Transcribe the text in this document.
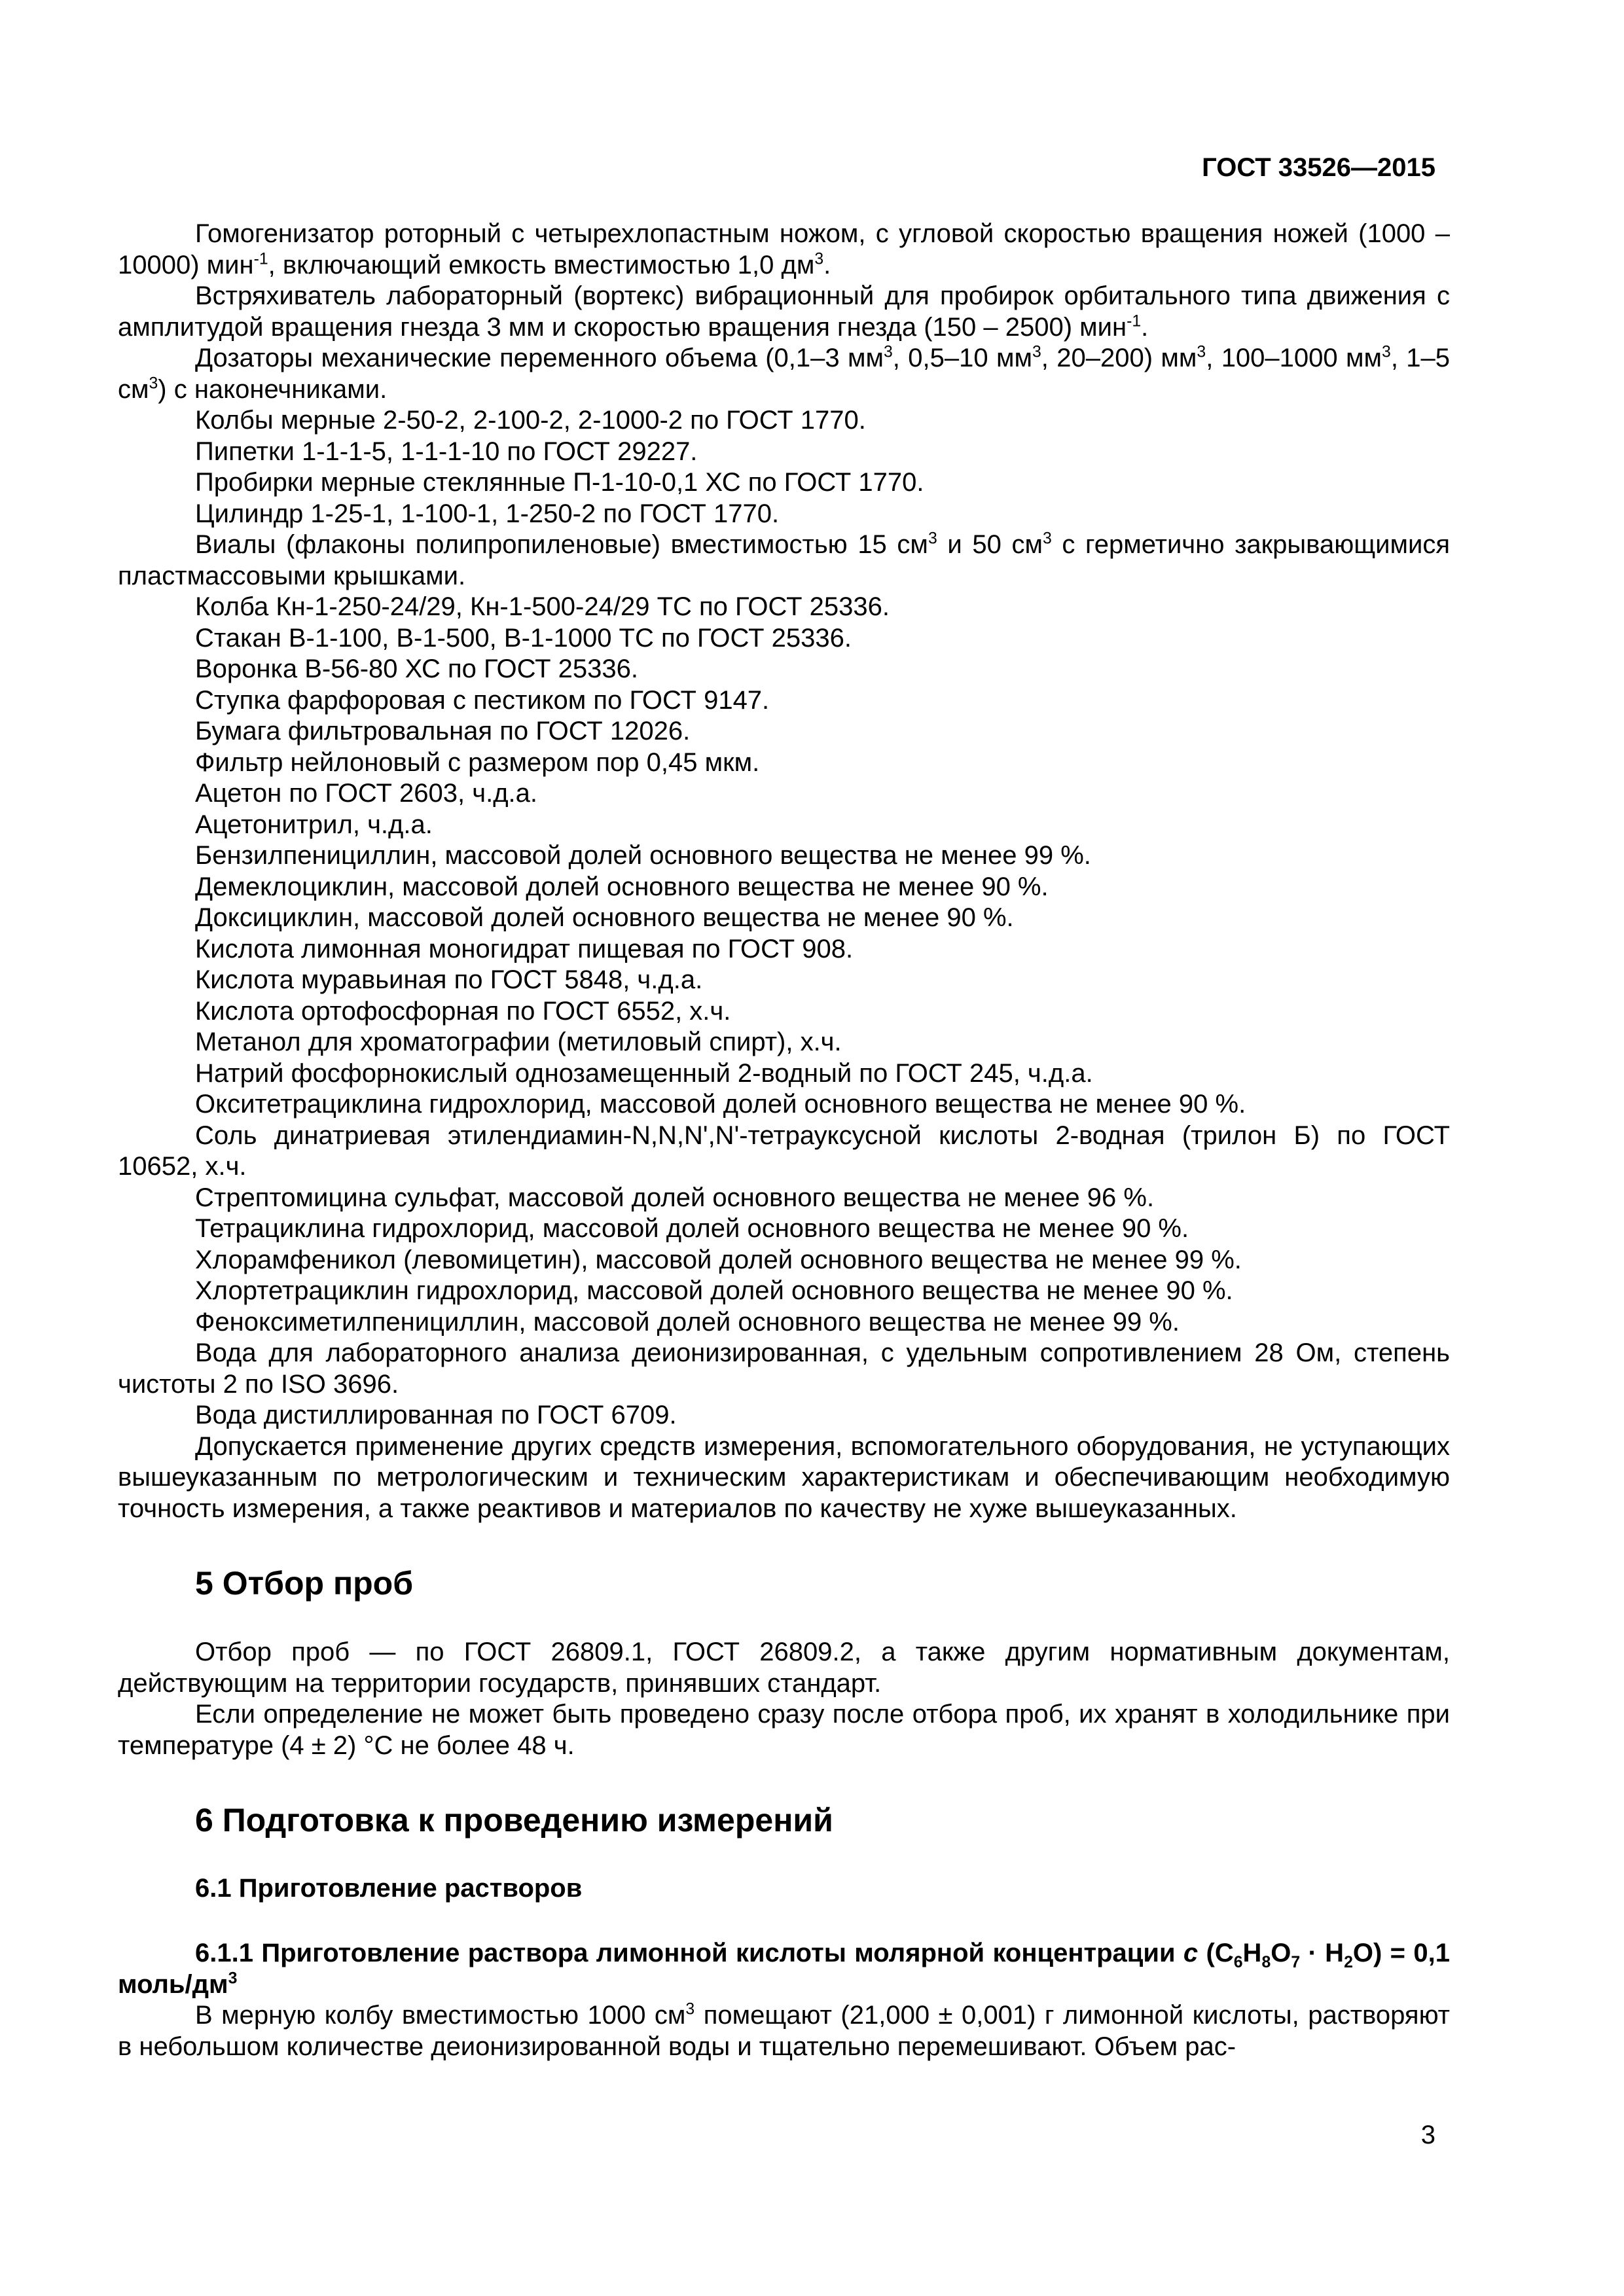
ГОСТ 33526—2015

Гомогенизатор роторный с четырехлопастным ножом, с угловой скоростью вращения ножей (1000 – 10000) мин$^{-1}$, включающий емкость вместимостью 1,0 $дм^3$.

Встряхиватель лабораторный (вортекс) вибрационный для пробирок орбитального типа движения с амплитудой вращения гнезда 3 мм и скоростью вращения гнезда (150 – 2500) мин$^{-1}$.

Дозаторы механические переменного объема (0,1–3 $мм^3$, 0,5–10 $мм^3$, 20–200) $мм^3$, 100–1000 $мм^3$, 1–5 $см^3$) с наконечниками.

Колбы мерные 2-50-2, 2-100-2, 2-1000-2 по ГОСТ 1770.

Пипетки 1-1-1-5, 1-1-1-10 по ГОСТ 29227.

Пробирки мерные стеклянные П-1-10-0,1 ХС по ГОСТ 1770.

Цилиндр 1-25-1, 1-100-1, 1-250-2 по ГОСТ 1770.

Виалы (флаконы полипропиленовые) вместимостью 15 $см^3$ и 50 $см^3$ с герметично закрывающимися пластмассовыми крышками.

Колба Кн-1-250-24/29, Кн-1-500-24/29 ТС по ГОСТ 25336.

Стакан В-1-100, В-1-500, В-1-1000 ТС по ГОСТ 25336.

Воронка В-56-80 ХС по ГОСТ 25336.

Ступка фарфоровая с пестиком по ГОСТ 9147.

Бумага фильтровальная по ГОСТ 12026.

Фильтр нейлоновый с размером пор 0,45 мкм.

Ацетон по ГОСТ 2603, ч.д.а.

Ацетонитрил, ч.д.а.

Бензилпенициллин, массовой долей основного вещества не менее 99 %.

Демеклоциклин, массовой долей основного вещества не менее 90 %.

Доксициклин, массовой долей основного вещества не менее 90 %.

Кислота лимонная моногидрат пищевая по ГОСТ 908.

Кислота муравьиная по ГОСТ 5848, ч.д.а.

Кислота ортофосфорная по ГОСТ 6552, х.ч.

Метанол для хроматографии (метиловый спирт), х.ч.

Натрий фосфорнокислый однозамещенный 2-водный по ГОСТ 245, ч.д.а.

Окситетрациклина гидрохлорид, массовой долей основного вещества не менее 90 %.

Соль динатриевая этилендиамин-N,N,N',N'-тетрауксусной кислоты 2-водная (трилон Б) по ГОСТ 10652, х.ч.

Стрептомицина сульфат, массовой долей основного вещества не менее 96 %.

Тетрациклина гидрохлорид, массовой долей основного вещества не менее 90 %.

Хлорамфеникол (левомицетин), массовой долей основного вещества не менее 99 %.

Хлортетрациклин гидрохлорид, массовой долей основного вещества не менее 90 %.

Феноксиметилпенициллин, массовой долей основного вещества не менее 99 %.

Вода для лабораторного анализа деионизированная, с удельным сопротивлением 28 Ом, степень чистоты 2 по ISO 3696.

Вода дистиллированная по ГОСТ 6709.

Допускается применение других средств измерения, вспомогательного оборудования, не уступающих вышеуказанным по метрологическим и техническим характеристикам и обеспечивающим необходимую точность измерения, а также реактивов и материалов по качеству не хуже вышеуказанных.

5 Отбор проб

Отбор проб — по ГОСТ 26809.1, ГОСТ 26809.2, а также другим нормативным документам, действующим на территории государств, принявших стандарт.

Если определение не может быть проведено сразу после отбора проб, их хранят в холодильнике при температуре (4 ± 2) °С не более 48 ч.

6 Подготовка к проведению измерений
6.1 Приготовление растворов

6.1.1 Приготовление раствора лимонной кислоты молярной концентрации с $(C_6H_8O_7 \cdot H_2O) = 0,1$ моль/$дм^3$

В мерную колбу вместимостью 1000 $см^3$ помещают (21,000 ± 0,001) г лимонной кислоты, растворяют в небольшом количестве деионизированной воды и тщательно перемешивают. Объем рас-

3
